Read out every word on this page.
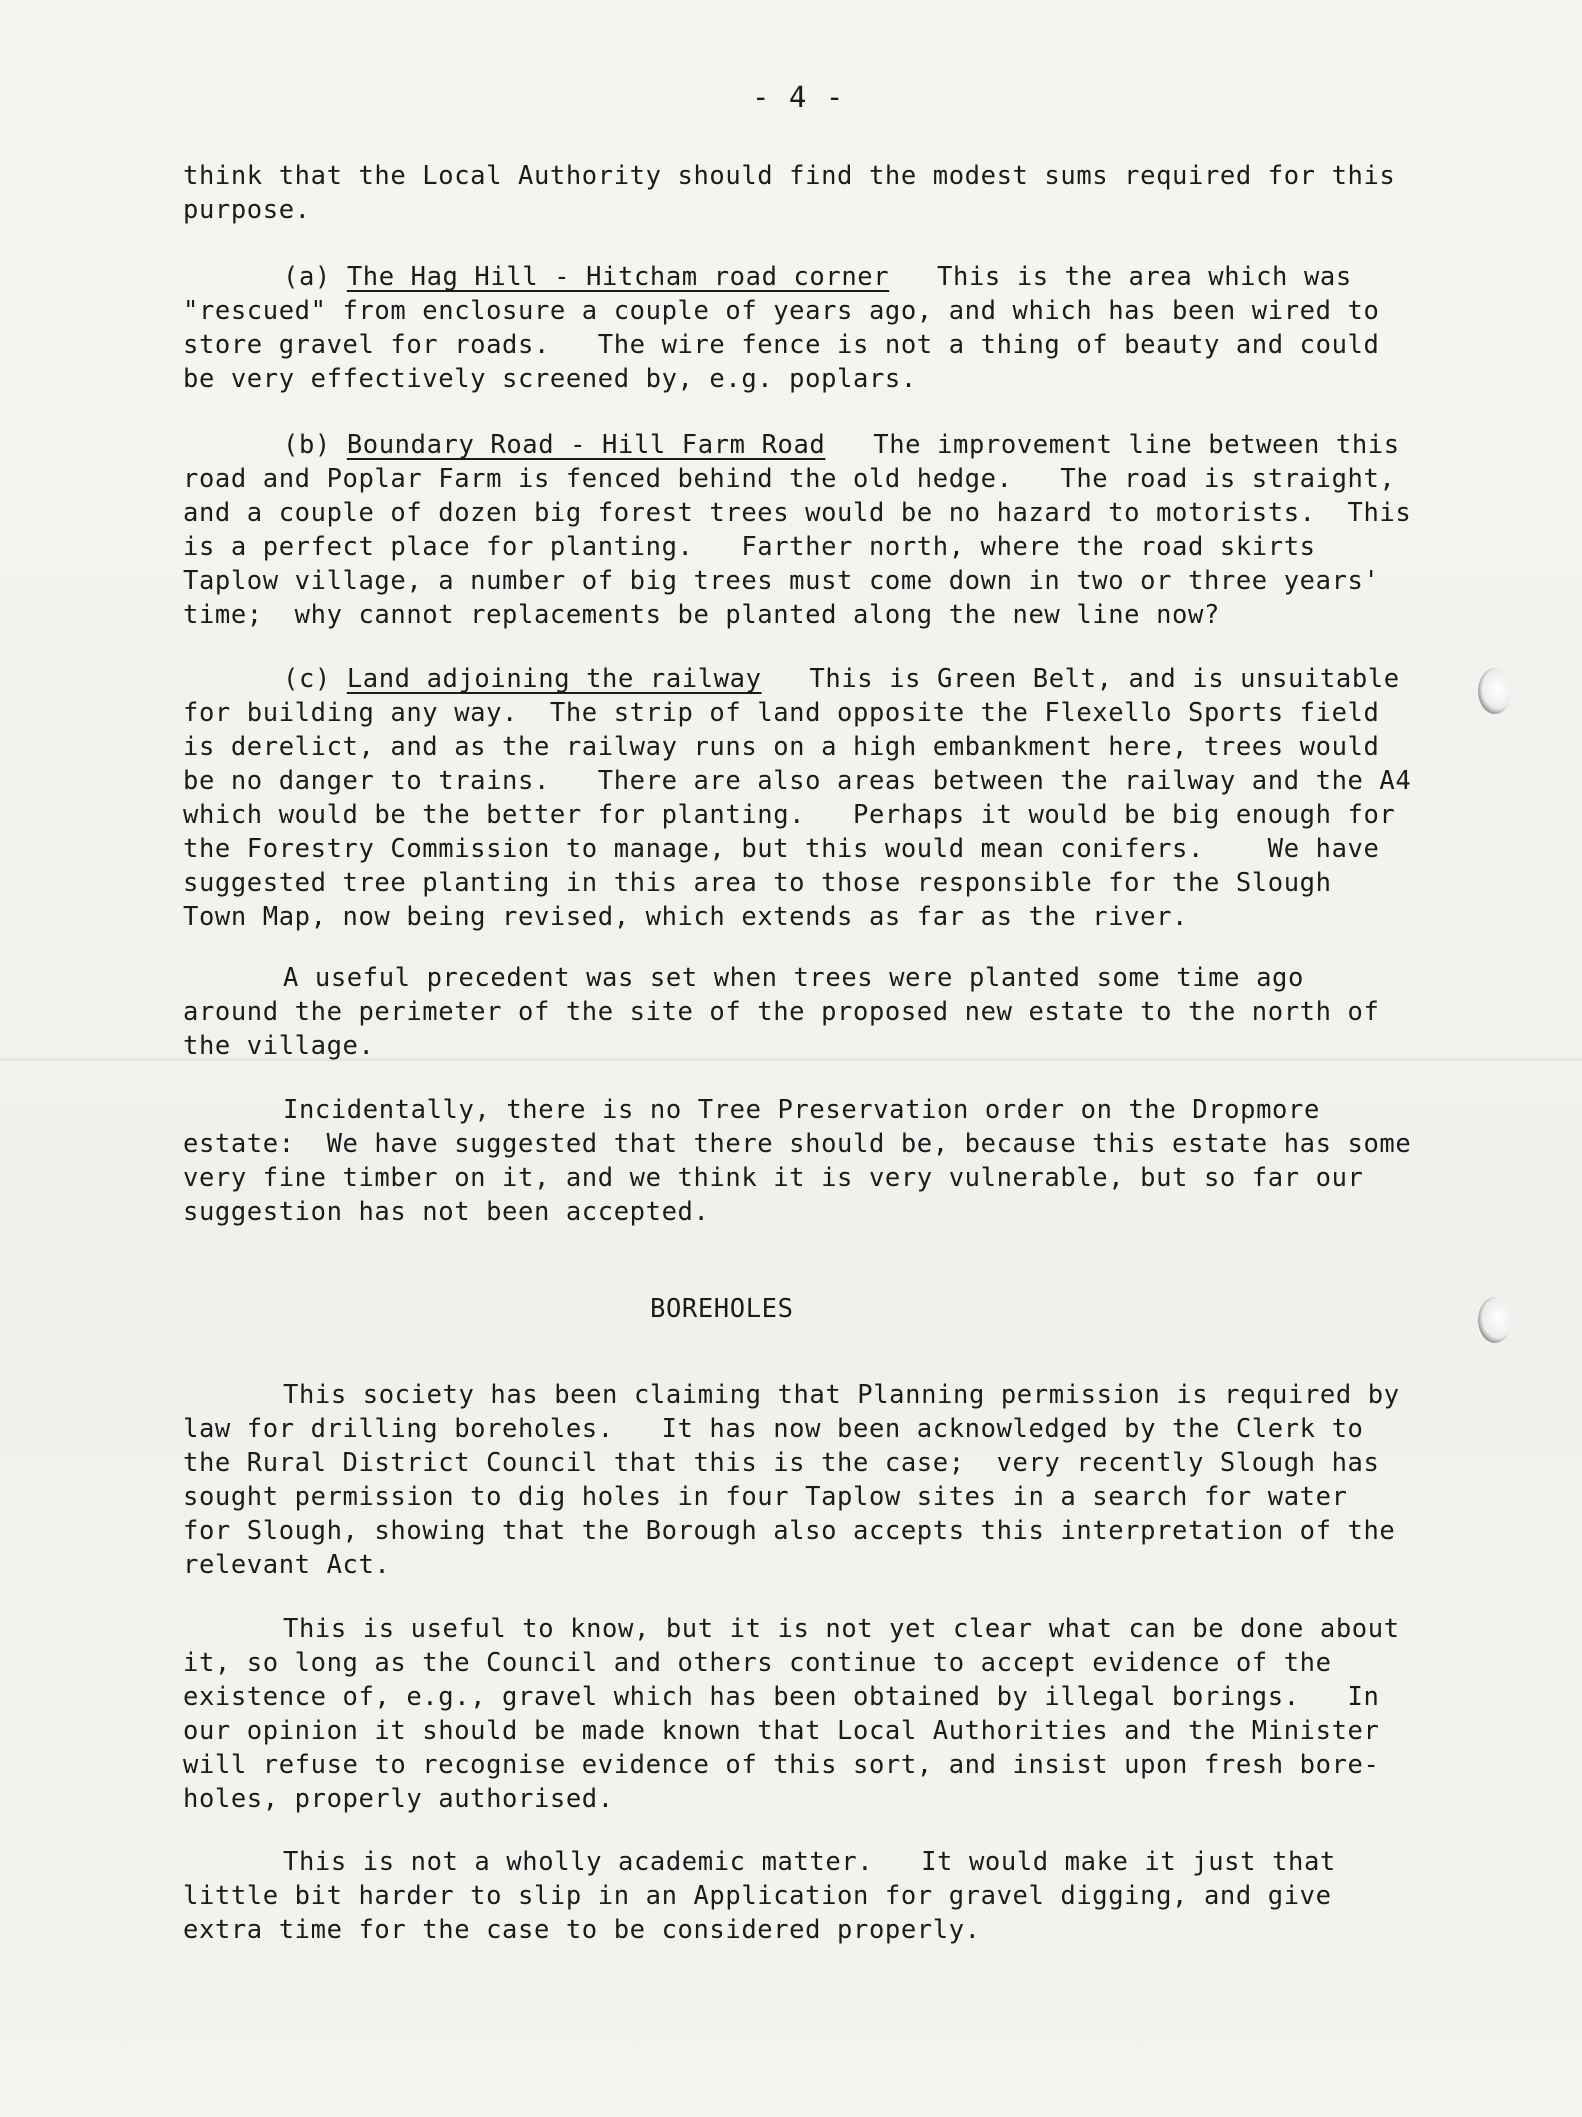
- 4 -
think that the Local Authority should find the modest sums required for this
purpose.
(a) The Hag Hill - Hitcham road corner   This is the area which was
"rescued" from enclosure a couple of years ago, and which has been wired to
store gravel for roads.   The wire fence is not a thing of beauty and could
be very effectively screened by, e.g. poplars.
(b) Boundary Road - Hill Farm Road   The improvement line between this
road and Poplar Farm is fenced behind the old hedge.   The road is straight,
and a couple of dozen big forest trees would be no hazard to motorists.  This
is a perfect place for planting.   Farther north, where the road skirts
Taplow village, a number of big trees must come down in two or three years'
time;  why cannot replacements be planted along the new line now?
(c) Land adjoining the railway   This is Green Belt, and is unsuitable
for building any way.  The strip of land opposite the Flexello Sports field
is derelict, and as the railway runs on a high embankment here, trees would
be no danger to trains.   There are also areas between the railway and the A4
which would be the better for planting.   Perhaps it would be big enough for
the Forestry Commission to manage, but this would mean conifers.    We have
suggested tree planting in this area to those responsible for the Slough
Town Map, now being revised, which extends as far as the river.
A useful precedent was set when trees were planted some time ago
around the perimeter of the site of the proposed new estate to the north of
the village.
Incidentally, there is no Tree Preservation order on the Dropmore
estate:  We have suggested that there should be, because this estate has some
very fine timber on it, and we think it is very vulnerable, but so far our
suggestion has not been accepted.
BOREHOLES
This society has been claiming that Planning permission is required by
law for drilling boreholes.   It has now been acknowledged by the Clerk to
the Rural District Council that this is the case;  very recently Slough has
sought permission to dig holes in four Taplow sites in a search for water
for Slough, showing that the Borough also accepts this interpretation of the
relevant Act.
This is useful to know, but it is not yet clear what can be done about
it, so long as the Council and others continue to accept evidence of the
existence of, e.g., gravel which has been obtained by illegal borings.   In
our opinion it should be made known that Local Authorities and the Minister
will refuse to recognise evidence of this sort, and insist upon fresh bore-
holes, properly authorised.
This is not a wholly academic matter.   It would make it just that
little bit harder to slip in an Application for gravel digging, and give
extra time for the case to be considered properly.
